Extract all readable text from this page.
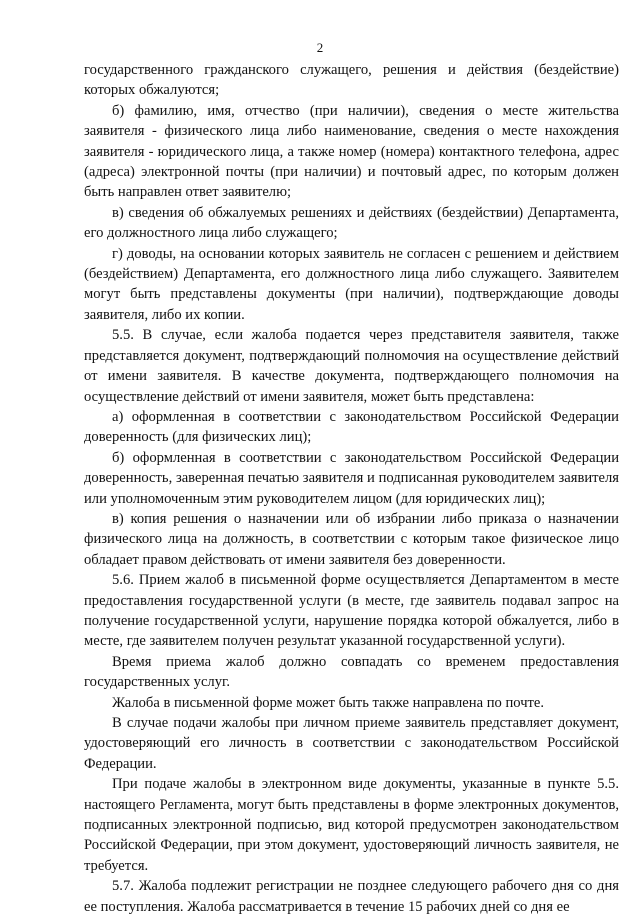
2

государственного гражданского служащего, решения и действия (бездействие) которых обжалуются;

б) фамилию, имя, отчество (при наличии), сведения о месте жительства заявителя - физического лица либо наименование, сведения о месте нахождения заявителя - юридического лица, а также номер (номера) контактного телефона, адрес (адреса) электронной почты (при наличии) и почтовый адрес, по которым должен быть направлен ответ заявителю;

в) сведения об обжалуемых решениях и действиях (бездействии) Департамента, его должностного лица либо служащего;

г) доводы, на основании которых заявитель не согласен с решением и действием (бездействием) Департамента, его должностного лица либо служащего. Заявителем могут быть представлены документы (при наличии), подтверждающие доводы заявителя, либо их копии.

5.5. В случае, если жалоба подается через представителя заявителя, также представляется документ, подтверждающий полномочия на осуществление действий от имени заявителя. В качестве документа, подтверждающего полномочия на осуществление действий от имени заявителя, может быть представлена:

а) оформленная в соответствии с законодательством Российской Федерации доверенность (для физических лиц);

б) оформленная в соответствии с законодательством Российской Федерации доверенность, заверенная печатью заявителя и подписанная руководителем заявителя или уполномоченным этим руководителем лицом (для юридических лиц);

в) копия решения о назначении или об избрании либо приказа о назначении физического лица на должность, в соответствии с которым такое физическое лицо обладает правом действовать от имени заявителя без доверенности.

5.6. Прием жалоб в письменной форме осуществляется Департаментом в месте предоставления государственной услуги (в месте, где заявитель подавал запрос на получение государственной услуги, нарушение порядка которой обжалуется, либо в месте, где заявителем получен результат указанной государственной услуги).

Время приема жалоб должно совпадать со временем предоставления государственных услуг.

Жалоба в письменной форме может быть также направлена по почте.

В случае подачи жалобы при личном приеме заявитель представляет документ, удостоверяющий его личность в соответствии с законодательством Российской Федерации.

При подаче жалобы в электронном виде документы, указанные в пункте 5.5. настоящего Регламента, могут быть представлены в форме электронных документов, подписанных электронной подписью, вид которой предусмотрен законодательством Российской Федерации, при этом документ, удостоверяющий личность заявителя, не требуется.

5.7. Жалоба подлежит регистрации не позднее следующего рабочего дня со дня ее поступления. Жалоба рассматривается в течение 15 рабочих дней со дня ее
